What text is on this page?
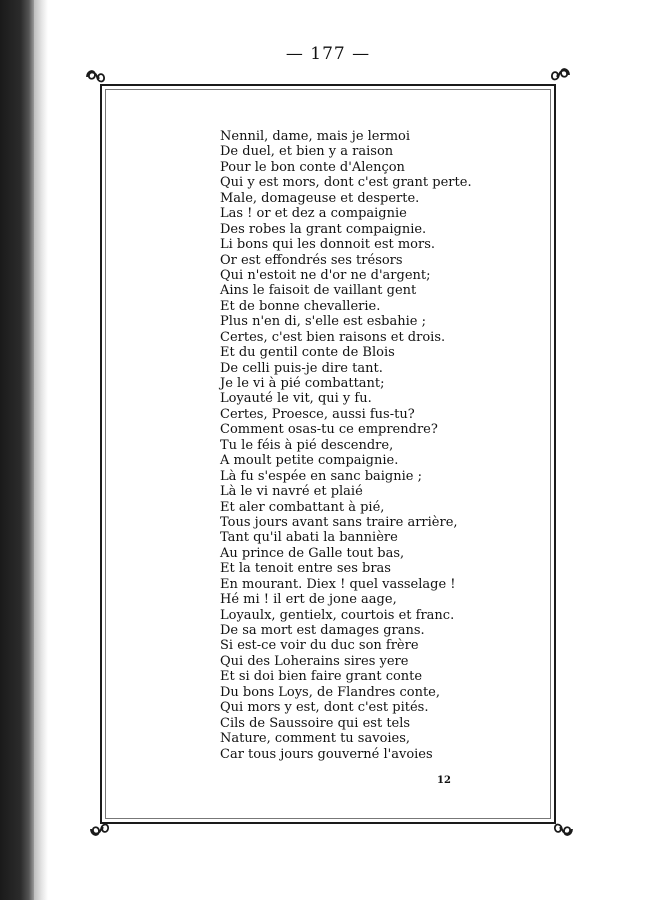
— 177 —
Nennil, dame, mais je lermoi
De duel, et bien y a raison
Pour le bon conte d'Alençon
Qui y est mors, dont c'est grant perte.
Male, domageuse et desperte.
Las ! or et dez a compaignie
Des robes la grant compaignie.
Li bons qui les donnoit est mors.
Or est effondrés ses trésors
Qui n'estoit ne d'or ne d'argent;
Ains le faisoit de vaillant gent
Et de bonne chevallerie.
Plus n'en di, s'elle est esbahie ;
Certes, c'est bien raisons et drois.
Et du gentil conte de Blois
De celli puis-je dire tant.
Je le vi à pié combattant;
Loyauté le vit, qui y fu.
Certes, Proesce, aussi fus-tu?
Comment osas-tu ce emprendre?
Tu le féis à pié descendre,
A moult petite compaignie.
Là fu s'espée en sanc baignie ;
Là le vi navré et plaié
Et aler combattant à pié,
Tous jours avant sans traire arrière,
Tant qu'il abati la bannière
Au prince de Galle tout bas,
Et la tenoit entre ses bras
En mourant. Diex ! quel vasselage !
Hé mi ! il ert de jone aage,
Loyaulx, gentielx, courtois et franc.
De sa mort est damages grans.
Si est-ce voir du duc son frère
Qui des Loherains sires yere
Et si doi bien faire grant conte
Du bons Loys, de Flandres conte,
Qui mors y est, dont c'est pités.
Cils de Saussoire qui est tels
Nature, comment tu savoies,
Car tous jours gouverné l'avoies
12
